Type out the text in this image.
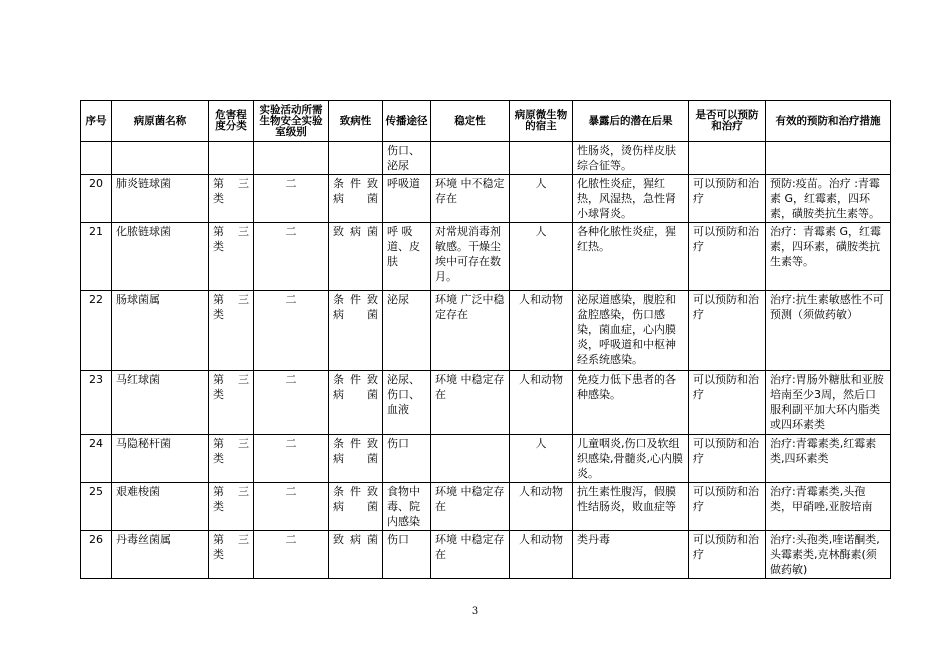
序号	病原菌名称	危害程度分类	实验活动所需生物安全实验室级别	致病性	传播途径	稳定性	病原微生物的宿主	暴露后的潜在后果	是否可以预防和治疗	有效的预防和治疗措施
					伤口、泌尿			性肠炎，烫伤样皮肤综合征等。		
20	肺炎链球菌	第 三 类	二	条 件 致病菌	呼吸道	环境 中不稳定存在	人	化脓性炎症，猩红热，风湿热，急性肾小球肾炎。	可以预防和治疗	预防:疫苗。治疗 :青霉素 G，红霉素，四环素，磺胺类抗生素等。
21	化脓链球菌	第 三 类	二	致病菌	呼 吸道、皮肤	对常规消毒剂敏感。干燥尘埃中可存在数月。	人	各种化脓性炎症，猩红热。	可以预防和治疗	治疗：青霉素 G，红霉素，四环素，磺胺类抗生素等。
22	肠球菌属	第 三 类	二	条 件 致病菌	泌尿	环境 广泛中稳定存在	人和动物	泌尿道感染，腹腔和盆腔感染，伤口感染，菌血症，心内膜炎，呼吸道和中枢神经系统感染。	可以预防和治疗	治疗:抗生素敏感性不可预测（须做药敏）
23	马红球菌	第 三 类	二	条 件 致病菌	泌尿、伤口、血液	环境 中稳定存在	人和动物	免疫力低下患者的各种感染。	可以预防和治疗	治疗:胃肠外糖肽和亚胺培南至少3周，然后口服利副平加大环内脂类或四环素类
24	马隐秘杆菌	第 三 类	二	条 件 致病菌	伤口		人	儿童咽炎,伤口及软组织感染,骨髓炎,心内膜炎。	可以预防和治疗	治疗:青霉素类,红霉素类,四环素类
25	艰难梭菌	第 三 类	二	条 件 致病菌	食物中毒、院内感染	环境 中稳定存在	人和动物	抗生素性腹泻，假膜性结肠炎，败血症等	可以预防和治疗	治疗:青霉素类,头孢类，甲硝唑,亚胺培南
26	丹毒丝菌属	第 三 类	二	致病菌	伤口	环境 中稳定存在	人和动物	类丹毒	可以预防和治疗	治疗:头孢类,喹诺酮类,头霉素类,克林酶素(须做药敏)
3
